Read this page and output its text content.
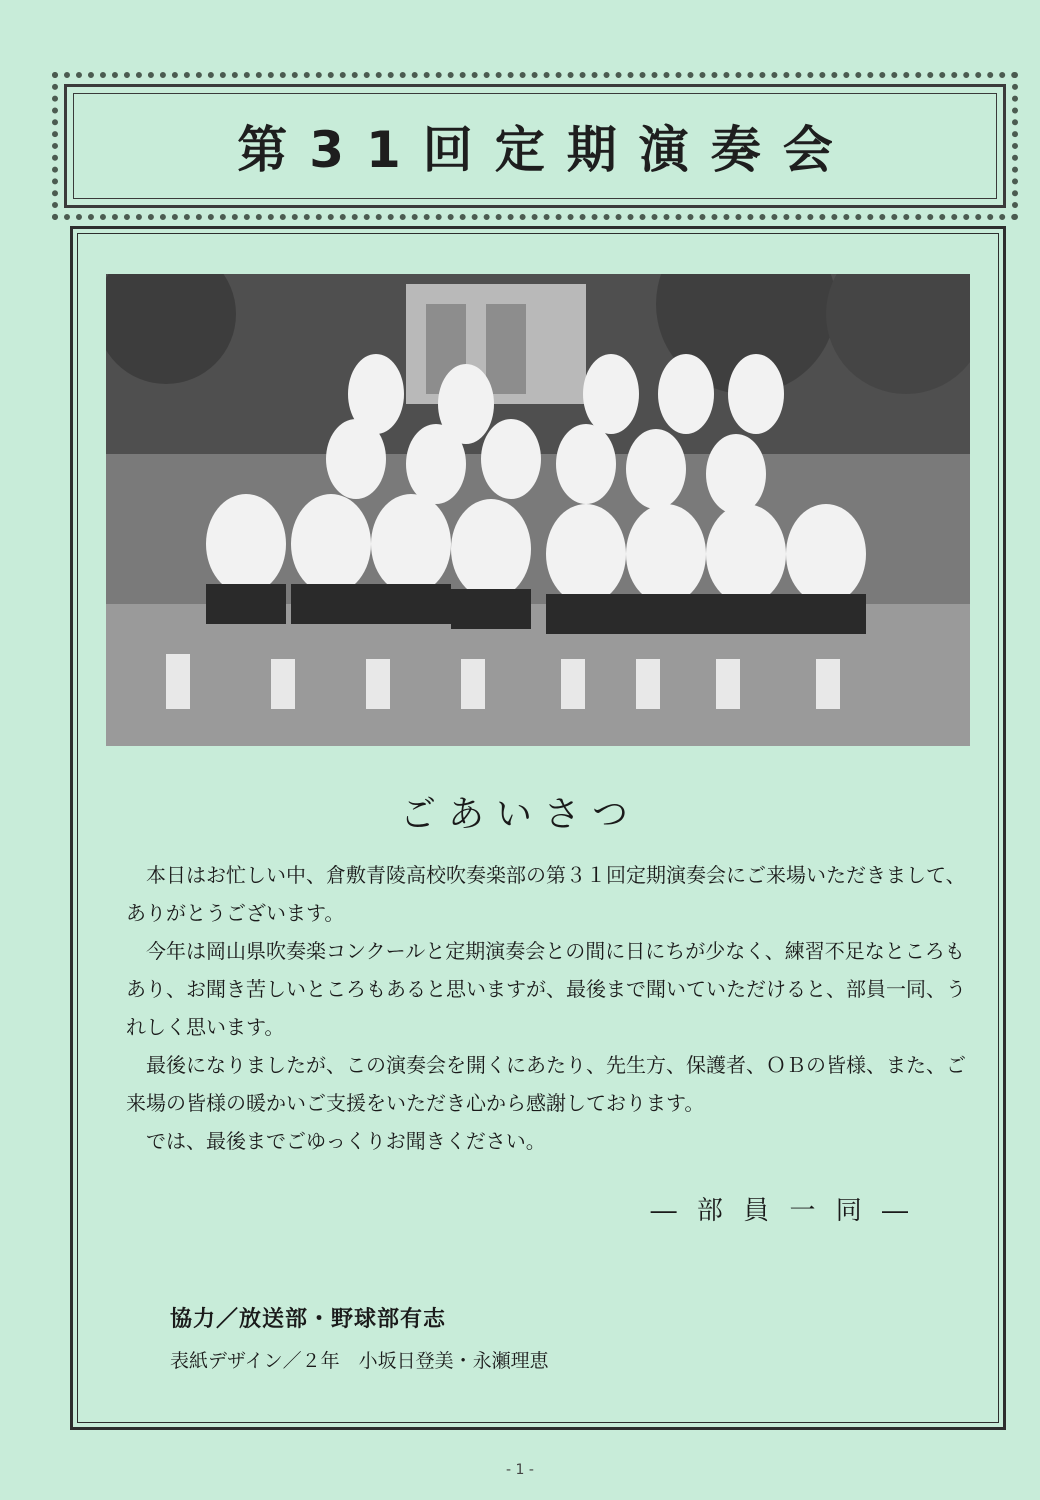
第31回定期演奏会
ごあいさつ

本日はお忙しい中、倉敷青陵高校吹奏楽部の第３１回定期演奏会にご来場いただきまして、ありがとうございます。

今年は岡山県吹奏楽コンクールと定期演奏会との間に日にちが少なく、練習不足なところもあり、お聞き苦しいところもあると思いますが、最後まで聞いていただけると、部員一同、うれしく思います。

最後になりましたが、この演奏会を開くにあたり、先生方、保護者、ＯＢの皆様、また、ご来場の皆様の暖かいご支援をいただき心から感謝しております。

では、最後までごゆっくりお聞きください。

― 部 員 一 同 ―
協力／放送部・野球部有志
表紙デザイン／２年　小坂日登美・永瀬理恵
- 1 -
